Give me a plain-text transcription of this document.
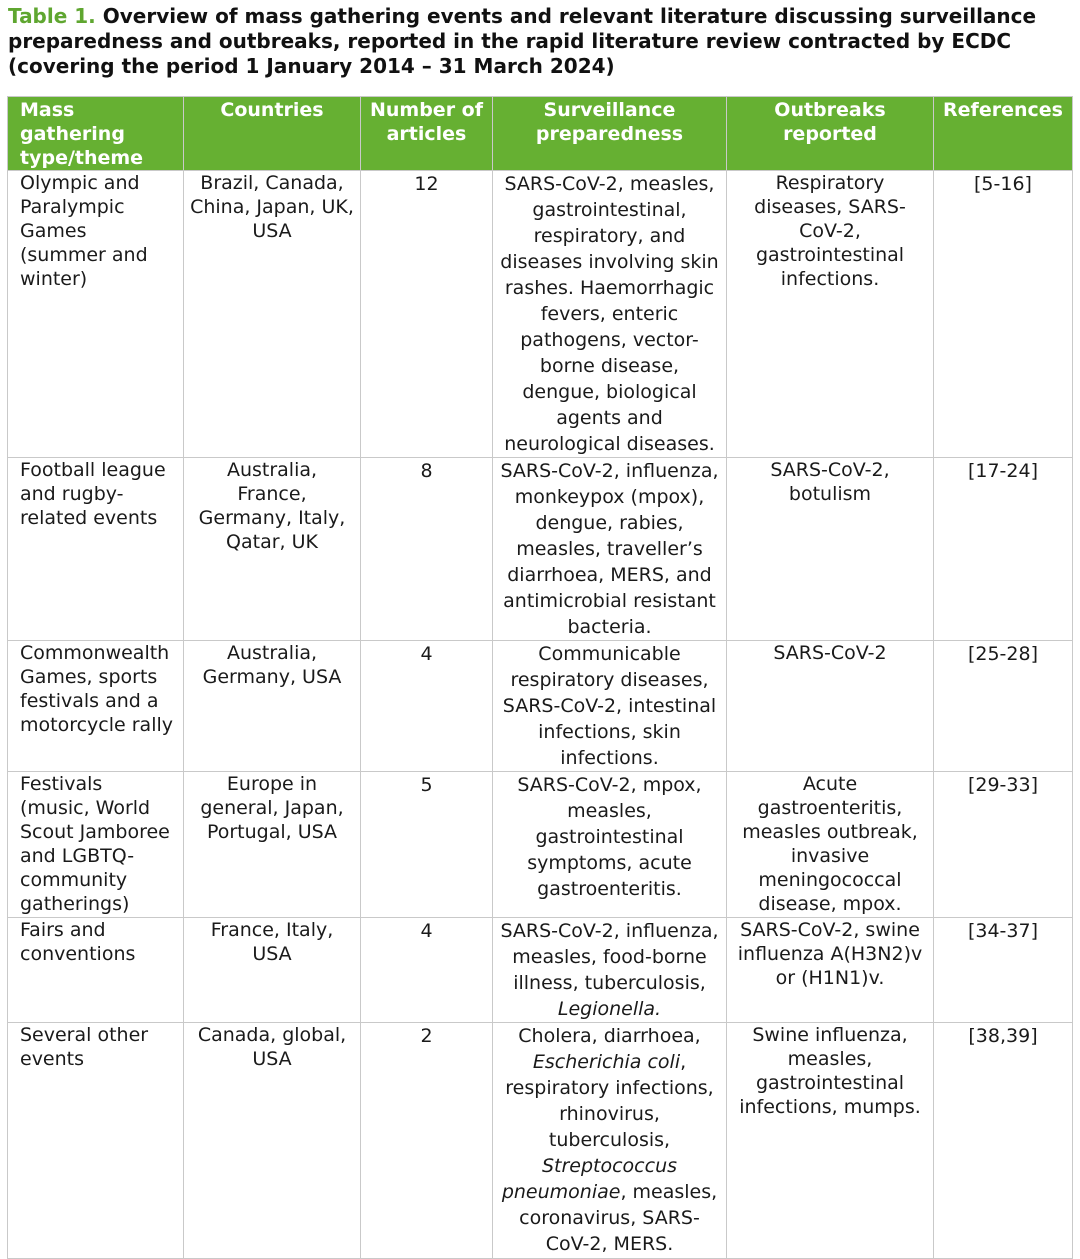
Table 1. Overview of mass gathering events and relevant literature discussing surveillance preparedness and outbreaks, reported in the rapid literature review contracted by ECDC (covering the period 1 January 2014 – 31 March 2024)
Mass gathering type/theme	Countries	Number of articles	Surveillance preparedness	Outbreaks reported	References
Olympic and Paralympic Games (summer and winter)	Brazil, Canada, China, Japan, UK, USA	12	SARS-CoV-2, measles, gastrointestinal, respiratory, and diseases involving skin rashes. Haemorrhagic fevers, enteric pathogens, vector-borne disease, dengue, biological agents and neurological diseases.	Respiratory diseases, SARS-CoV-2, gastrointestinal infections.	[5-16]
Football league and rugby-related events	Australia, France, Germany, Italy, Qatar, UK	8	SARS-CoV-2, influenza, monkeypox (mpox), dengue, rabies, measles, traveller’s diarrhoea, MERS, and antimicrobial resistant bacteria.	SARS-CoV-2, botulism	[17-24]
Commonwealth Games, sports festivals and a motorcycle rally	Australia, Germany, USA	4	Communicable respiratory diseases, SARS-CoV-2, intestinal infections, skin infections.	SARS-CoV-2	[25-28]
Festivals (music, World Scout Jamboree and LGBTQ-community gatherings)	Europe in general, Japan, Portugal, USA	5	SARS-CoV-2, mpox, measles, gastrointestinal symptoms, acute gastroenteritis.	Acute gastroenteritis, measles outbreak, invasive meningococcal disease, mpox.	[29-33]
Fairs and conventions	France, Italy, USA	4	SARS-CoV-2, influenza, measles, food-borne illness, tuberculosis, Legionella.	SARS-CoV-2, swine influenza A(H3N2)v or (H1N1)v.	[34-37]
Several other events	Canada, global, USA	2	Cholera, diarrhoea, Escherichia coli, respiratory infections, rhinovirus, tuberculosis, Streptococcus pneumoniae, measles, coronavirus, SARS-CoV-2, MERS.	Swine influenza, measles, gastrointestinal infections, mumps.	[38,39]
